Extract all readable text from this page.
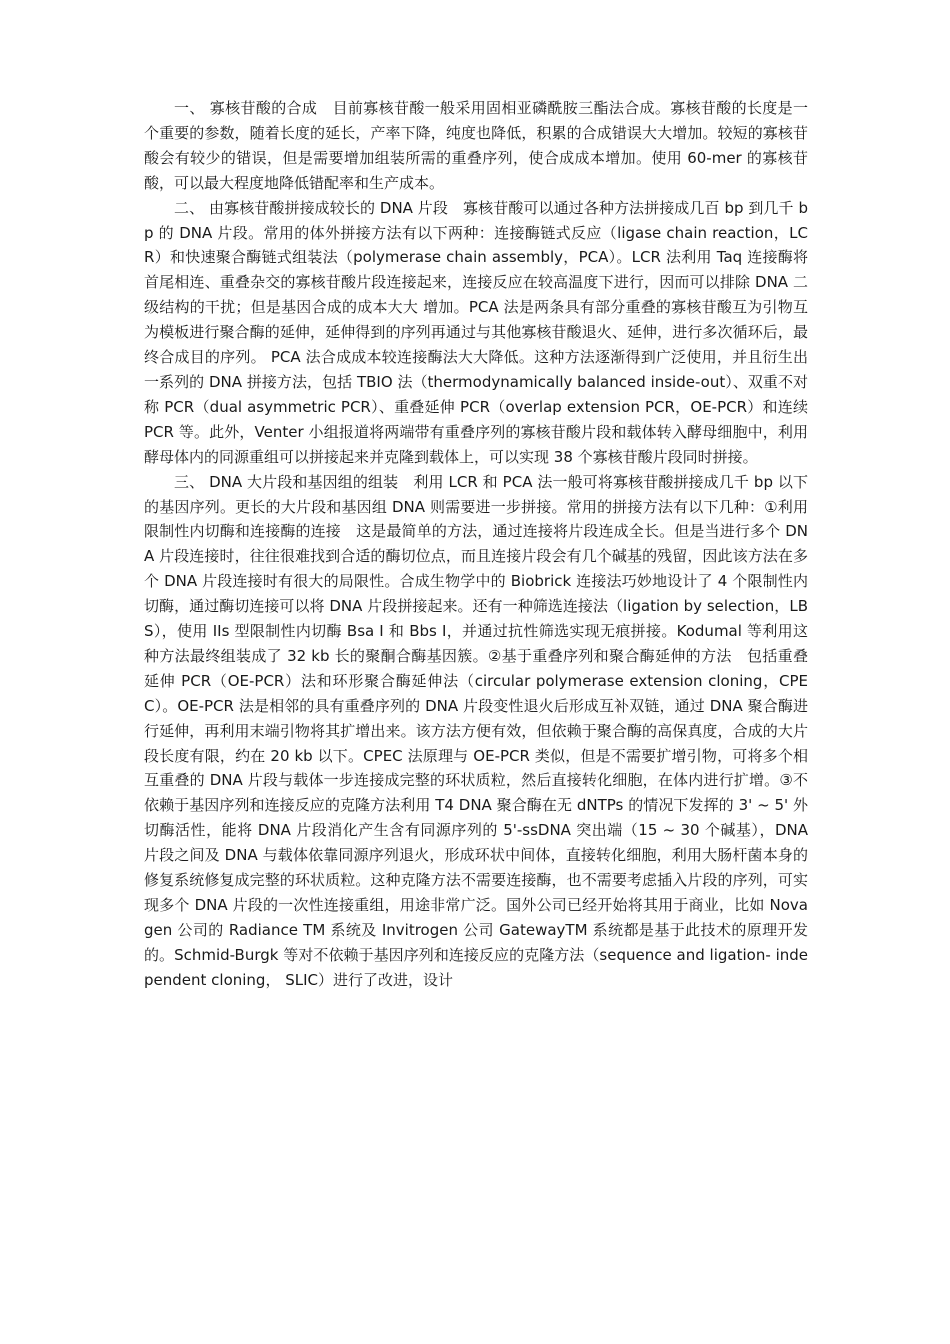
一、 寡核苷酸的合成　目前寡核苷酸一般采用固相亚磷酰胺三酯法合成。寡核苷酸的长度是一个重要的参数，随着长度的延长，产率下降，纯度也降低，积累的合成错误大大增加。较短的寡核苷酸会有较少的错误，但是需要增加组装所需的重叠序列，使合成成本增加。使用 60-mer 的寡核苷酸，可以最大程度地降低错配率和生产成本。

二、 由寡核苷酸拼接成较长的 DNA 片段　寡核苷酸可以通过各种方法拼接成几百 bp 到几千 bp 的 DNA 片段。常用的体外拼接方法有以下两种：连接酶链式反应（ligase chain reaction，LCR）和快速聚合酶链式组装法（polymerase chain assembly，PCA）。LCR 法利用 Taq 连接酶将首尾相连、重叠杂交的寡核苷酸片段连接起来，连接反应在较高温度下进行，因而可以排除 DNA 二级结构的干扰；但是基因合成的成本大大 增加。PCA 法是两条具有部分重叠的寡核苷酸互为引物互为模板进行聚合酶的延伸，延伸得到的序列再通过与其他寡核苷酸退火、延伸，进行多次循环后，最终合成目的序列。 PCA 法合成成本较连接酶法大大降低。这种方法逐渐得到广泛使用，并且衍生出一系列的 DNA 拼接方法，包括 TBIO 法（thermodynamically balanced inside-out）、双重不对称 PCR（dual asymmetric PCR）、重叠延伸 PCR（overlap extension PCR，OE-PCR）和连续 PCR 等。此外，Venter 小组报道将两端带有重叠序列的寡核苷酸片段和载体转入酵母细胞中，利用酵母体内的同源重组可以拼接起来并克隆到载体上，可以实现 38 个寡核苷酸片段同时拼接。

三、 DNA 大片段和基因组的组装　利用 LCR 和 PCA 法一般可将寡核苷酸拼接成几千 bp 以下的基因序列。更长的大片段和基因组 DNA 则需要进一步拼接。常用的拼接方法有以下几种：①利用限制性内切酶和连接酶的连接　这是最简单的方法，通过连接将片段连成全长。但是当进行多个 DNA 片段连接时，往往很难找到合适的酶切位点，而且连接片段会有几个碱基的残留，因此该方法在多个 DNA 片段连接时有很大的局限性。合成生物学中的 Biobrick 连接法巧妙地设计了 4 个限制性内切酶，通过酶切连接可以将 DNA 片段拼接起来。还有一种筛选连接法（ligation by selection，LBS），使用 IIs 型限制性内切酶 Bsa I 和 Bbs I，并通过抗性筛选实现无痕拼接。Kodumal 等利用这种方法最终组装成了 32 kb 长的聚酮合酶基因簇。②基于重叠序列和聚合酶延伸的方法　包括重叠延伸 PCR（OE-PCR）法和环形聚合酶延伸法（circular polymerase extension cloning，CPEC）。OE-PCR 法是相邻的具有重叠序列的 DNA 片段变性退火后形成互补双链，通过 DNA 聚合酶进行延伸，再利用末端引物将其扩增出来。该方法方便有效，但依赖于聚合酶的高保真度，合成的大片段长度有限，约在 20 kb 以下。CPEC 法原理与 OE-PCR 类似，但是不需要扩增引物，可将多个相互重叠的 DNA 片段与载体一步连接成完整的环状质粒，然后直接转化细胞，在体内进行扩增。③不依赖于基因序列和连接反应的克隆方法利用 T4 DNA 聚合酶在无 dNTPs 的情况下发挥的 3' ~ 5' 外切酶活性，能将 DNA 片段消化产生含有同源序列的 5'-ssDNA 突出端（15 ~ 30 个碱基），DNA 片段之间及 DNA 与载体依靠同源序列退火，形成环状中间体，直接转化细胞，利用大肠杆菌本身的修复系统修复成完整的环状质粒。这种克隆方法不需要连接酶，也不需要考虑插入片段的序列，可实现多个 DNA 片段的一次性连接重组，用途非常广泛。国外公司已经开始将其用于商业，比如 Novagen 公司的 Radiance TM 系统及 Invitrogen 公司 GatewayTM 系统都是基于此技术的原理开发的。Schmid-Burgk 等对不依赖于基因序列和连接反应的克隆方法（sequence and ligation- independent cloning， SLIC）进行了改进，设计
